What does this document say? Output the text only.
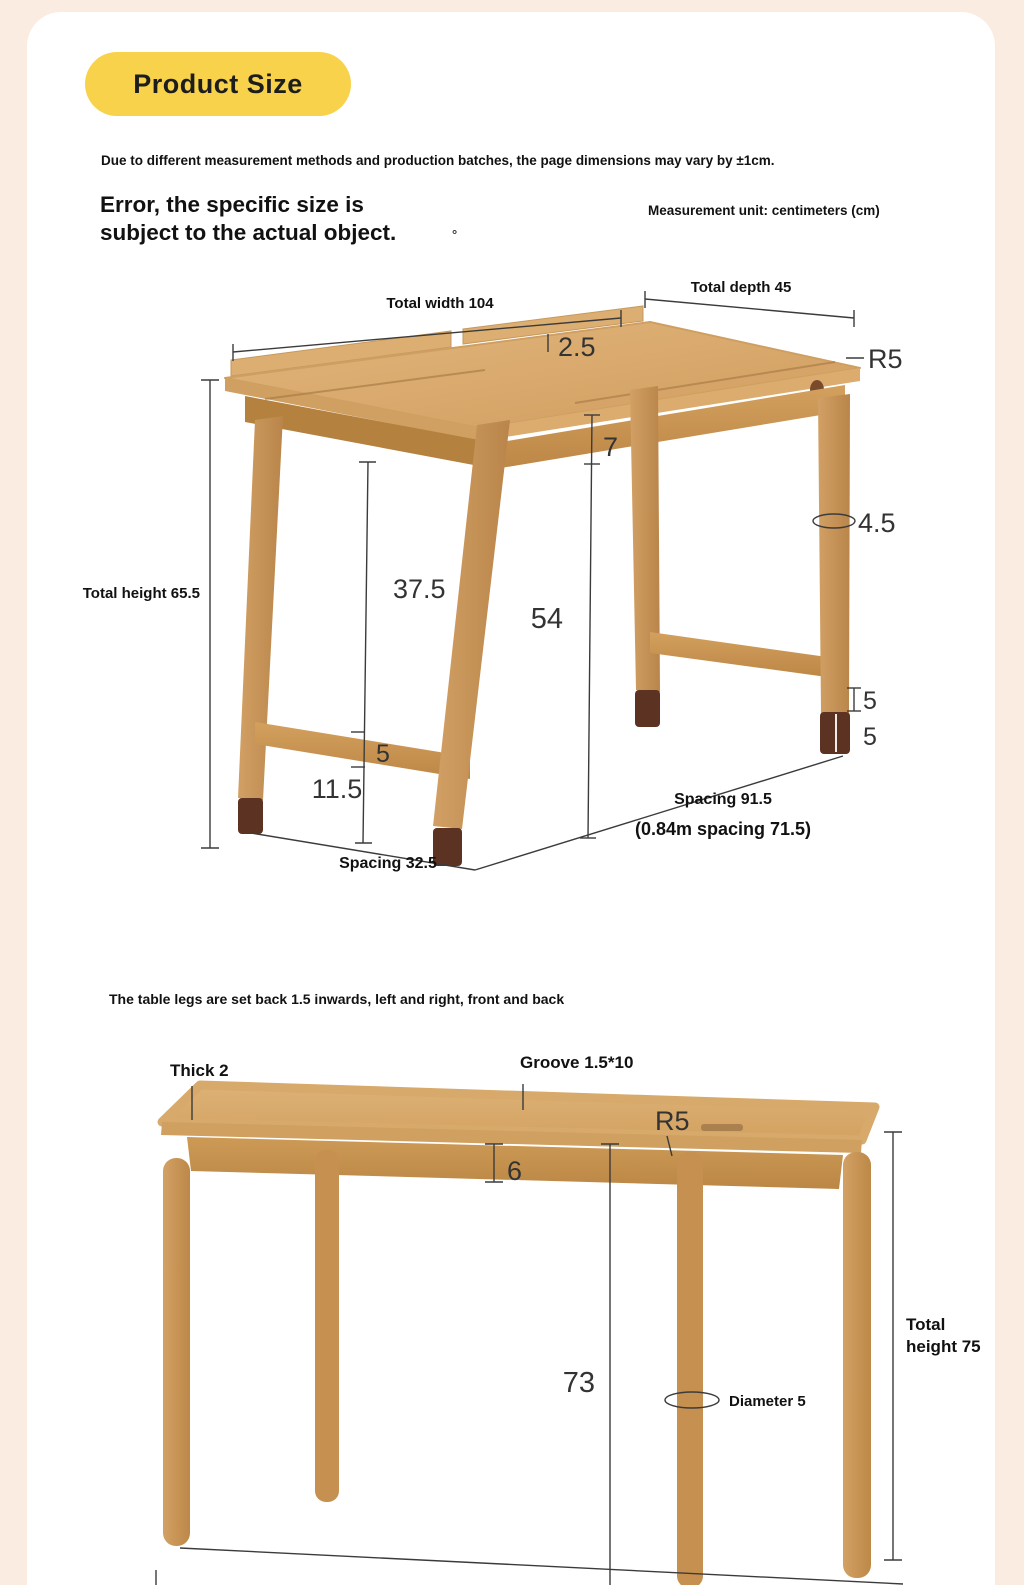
Product Size
Due to different measurement methods and production batches, the page dimensions may vary by ±1cm.
Error, the specific size is
subject to the actual object.	°
Measurement unit: centimeters (cm)
Total width 104
Total depth 45
2.5	R5
7
54
37.5
Total height 65.5
4.5
5
5
5
11.5
Spacing 32.5
Spacing 91.5
(0.84m spacing 71.5)
The table legs are set back 1.5 inwards, left and right, front and back
Thick 2	Groove 1.5*10
R5
6
73
Diameter 5
Total
height 75
